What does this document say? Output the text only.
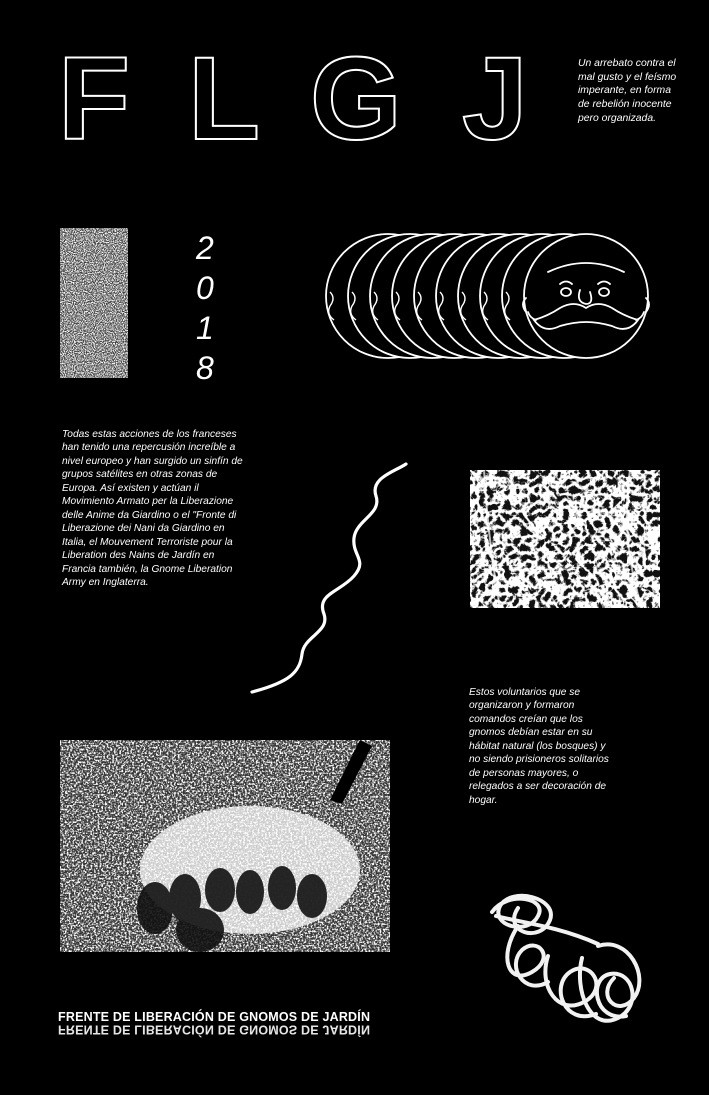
F L G J	Un arrebato contra el mal gusto y el feísmo imperante, en forma de rebelión inocente pero organizada.
2
0
1
8
Todas estas acciones de los franceses han tenido una repercusión increíble a nivel europeo y han surgido un sinfín de grupos satélites en otras zonas de Europa. Así existen y actúan il Movimiento Armato per la Liberazione delle Anime da Giardino o el "Fronte di Liberazione dei Nani da Giardino en Italia, el Mouvement Terroriste pour la Liberation des Nains de Jardín en Francia también, la Gnome Liberation Army en Inglaterra.
Estos voluntarios que se organizaron y formaron comandos creían que los gnomos debían estar en su hábitat natural (los bosques) y no siendo prisioneros solitarios de personas mayores, o relegados a ser decoración de hogar.
FRENTE DE LIBERACIÓN DE GNOMOS DE JARDÍN
FRENTE DE LIBERACIÓN DE GNOMOS DE JARDÍN
